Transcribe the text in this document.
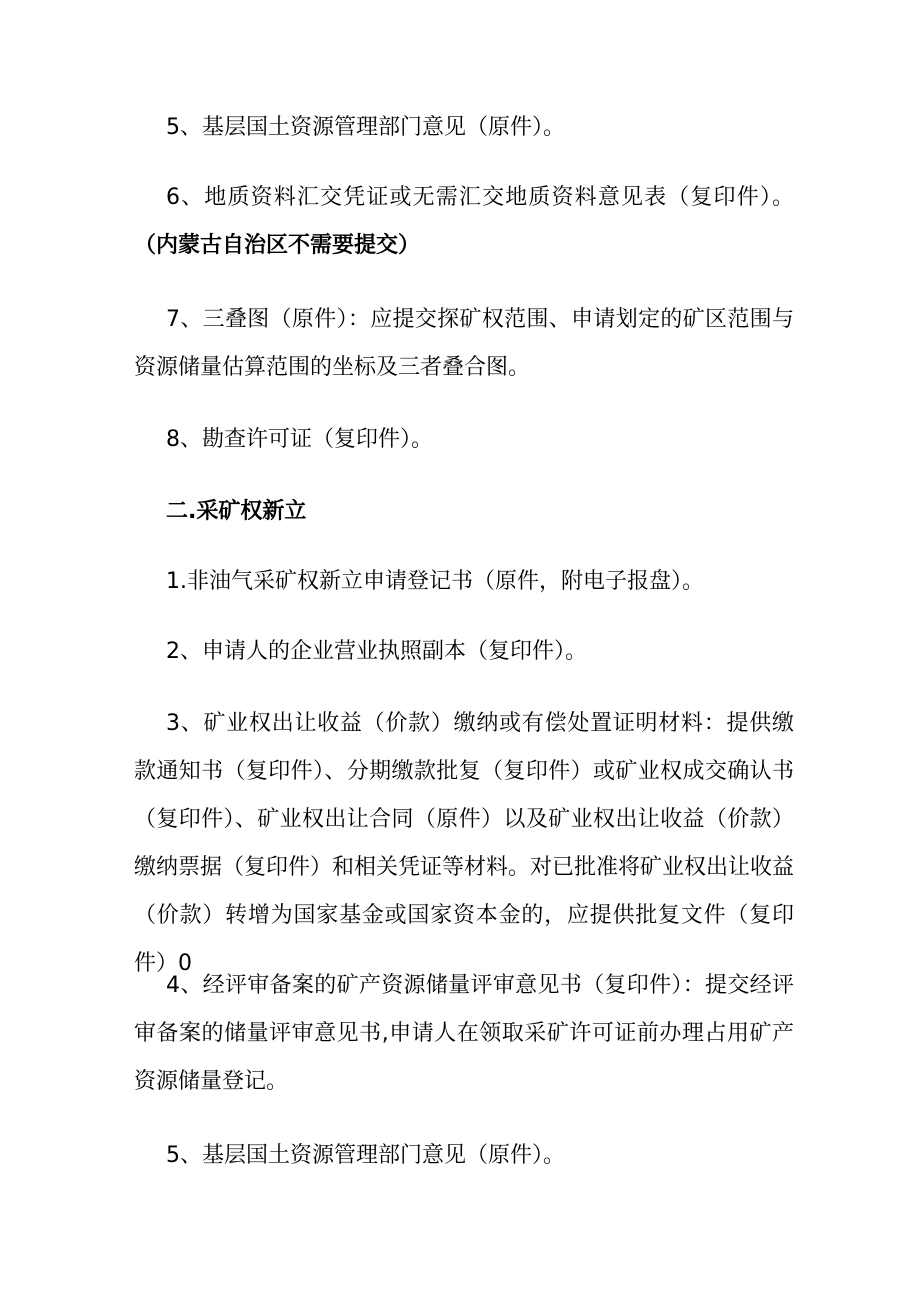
5、基层国土资源管理部门意见（原件）。

6、地质资料汇交凭证或无需汇交地质资料意见表（复印件）。（内蒙古自治区不需要提交）

7、三叠图（原件）：应提交探矿权范围、申请划定的矿区范围与资源储量估算范围的坐标及三者叠合图。

8、勘查许可证（复印件）。

二.采矿权新立

1.非油气采矿权新立申请登记书（原件，附电子报盘）。

2、申请人的企业营业执照副本（复印件）。

3、矿业权出让收益（价款）缴纳或有偿处置证明材料：提供缴款通知书（复印件）、分期缴款批复（复印件）或矿业权成交确认书（复印件）、矿业权出让合同（原件）以及矿业权出让收益（价款）缴纳票据（复印件）和相关凭证等材料。对已批准将矿业权出让收益（价款）转增为国家基金或国家资本金的，应提供批复文件（复印件）0

4、经评审备案的矿产资源储量评审意见书（复印件）：提交经评审备案的储量评审意见书,申请人在领取采矿许可证前办理占用矿产资源储量登记。

5、基层国土资源管理部门意见（原件）。
